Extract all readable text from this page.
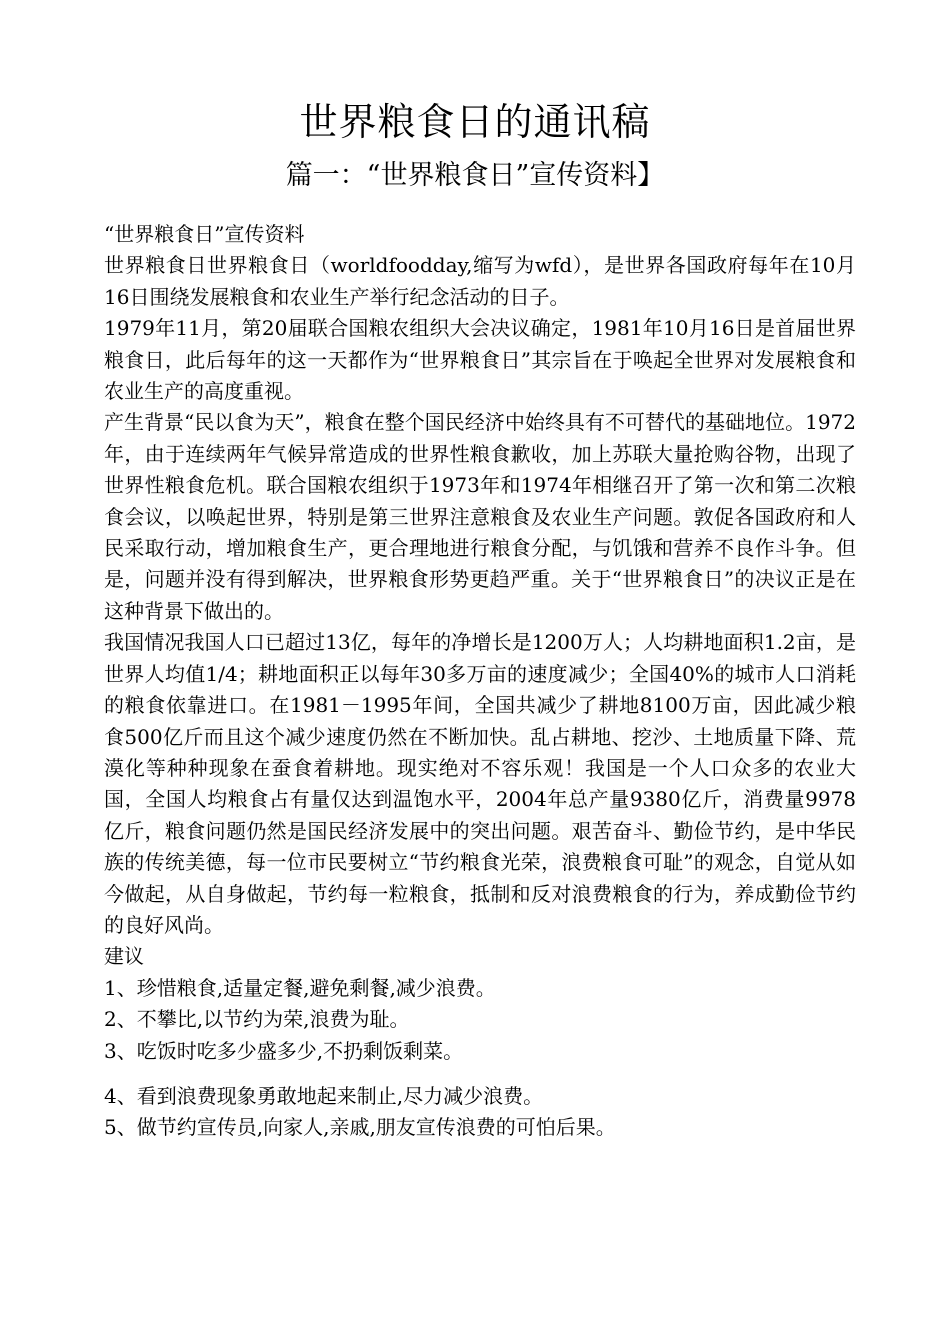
世界粮食日的通讯稿
篇一：“世界粮食日”宣传资料】

“世界粮食日”宣传资料

世界粮食日世界粮食日（worldfoodday,缩写为wfd），是世界各国政府每年在10月16日围绕发展粮食和农业生产举行纪念活动的日子。

1979年11月，第20届联合国粮农组织大会决议确定，1981年10月16日是首届世界粮食日，此后每年的这一天都作为“世界粮食日”其宗旨在于唤起全世界对发展粮食和农业生产的高度重视。

产生背景“民以食为天”，粮食在整个国民经济中始终具有不可替代的基础地位。1972年，由于连续两年气候异常造成的世界性粮食歉收，加上苏联大量抢购谷物，出现了世界性粮食危机。联合国粮农组织于1973年和1974年相继召开了第一次和第二次粮食会议，以唤起世界，特别是第三世界注意粮食及农业生产问题。敦促各国政府和人民采取行动，增加粮食生产，更合理地进行粮食分配，与饥饿和营养不良作斗争。但是，问题并没有得到解决，世界粮食形势更趋严重。关于“世界粮食日”的决议正是在这种背景下做出的。

我国情况我国人口已超过13亿，每年的净增长是1200万人；人均耕地面积1.2亩，是世界人均值1/4；耕地面积正以每年30多万亩的速度减少；全国40%的城市人口消耗的粮食依靠进口。在1981－1995年间，全国共减少了耕地8100万亩，因此减少粮食500亿斤而且这个减少速度仍然在不断加快。乱占耕地、挖沙、土地质量下降、荒漠化等种种现象在蚕食着耕地。现实绝对不容乐观！我国是一个人口众多的农业大国，全国人均粮食占有量仅达到温饱水平，2004年总产量9380亿斤，消费量9978亿斤，粮食问题仍然是国民经济发展中的突出问题。艰苦奋斗、勤俭节约，是中华民族的传统美德，每一位市民要树立“节约粮食光荣，浪费粮食可耻”的观念，自觉从如今做起，从自身做起，节约每一粒粮食，抵制和反对浪费粮食的行为，养成勤俭节约的良好风尚。

建议

1、珍惜粮食,适量定餐,避免剩餐,减少浪费。

2、不攀比,以节约为荣,浪费为耻。

3、吃饭时吃多少盛多少,不扔剩饭剩菜。

4、看到浪费现象勇敢地起来制止,尽力减少浪费。

5、做节约宣传员,向家人,亲戚,朋友宣传浪费的可怕后果。
